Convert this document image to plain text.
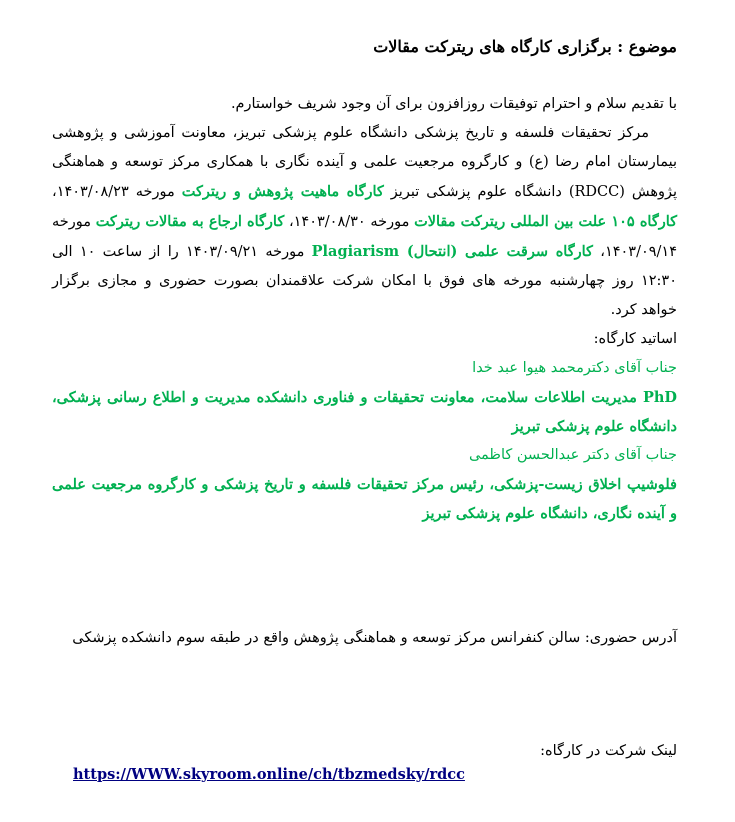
موضوع : برگزاری کارگاه های ریترکت مقالات

با تقدیم سلام و احترام توفیقات روزافزون برای آن وجود شریف خواستارم.

مرکز تحقیقات فلسفه و تاریخ پزشکی دانشگاه علوم پزشکی تبریز، معاونت آموزشی و پژوهشی بیمارستان امام رضا (ع) و کارگروه مرجعیت علمی و آینده نگاری با همکاری مرکز توسعه و هماهنگی پژوهش (RDCC) دانشگاه علوم پزشکی تبریز کارگاه ماهیت پژوهش و ریترکت مورخه ۱۴۰۳/۰۸/۲۳، کارگاه ۱۰۵ علت بین المللی ریترکت مقالات مورخه ۱۴۰۳/۰۸/۳۰، کارگاه ارجاع به مقالات ریترکت مورخه ۱۴۰۳/۰۹/۱۴، کارگاه سرقت علمی (انتحال) Plagiarism مورخه ۱۴۰۳/۰۹/۲۱ را از ساعت ۱۰ الی ۱۲:۳۰ روز چهارشنبه مورخه های فوق با امکان شرکت علاقمندان بصورت حضوری و مجازی برگزار خواهد کرد.

اساتید کارگاه:

جناب آقای دکترمحمد هیوا عبد خدا

PhD مدیریت اطلاعات سلامت، معاونت تحقیقات و فناوری دانشکده مدیریت و اطلاع رسانی پزشکی، دانشگاه علوم پزشکی تبریز

جناب آقای دکتر عبدالحسن کاظمی

فلوشیپ اخلاق زیست-پزشکی، رئیس مرکز تحقیقات فلسفه و تاریخ پزشکی و کارگروه مرجعیت علمی و آینده نگاری، دانشگاه علوم پزشکی تبریز

آدرس حضوری: سالن کنفرانس مرکز توسعه و هماهنگی پژوهش واقع در طبقه سوم دانشکده پزشکی

لینک شرکت در کارگاه:

https://WWW.skyroom.online/ch/tbzmedsky/rdcc
